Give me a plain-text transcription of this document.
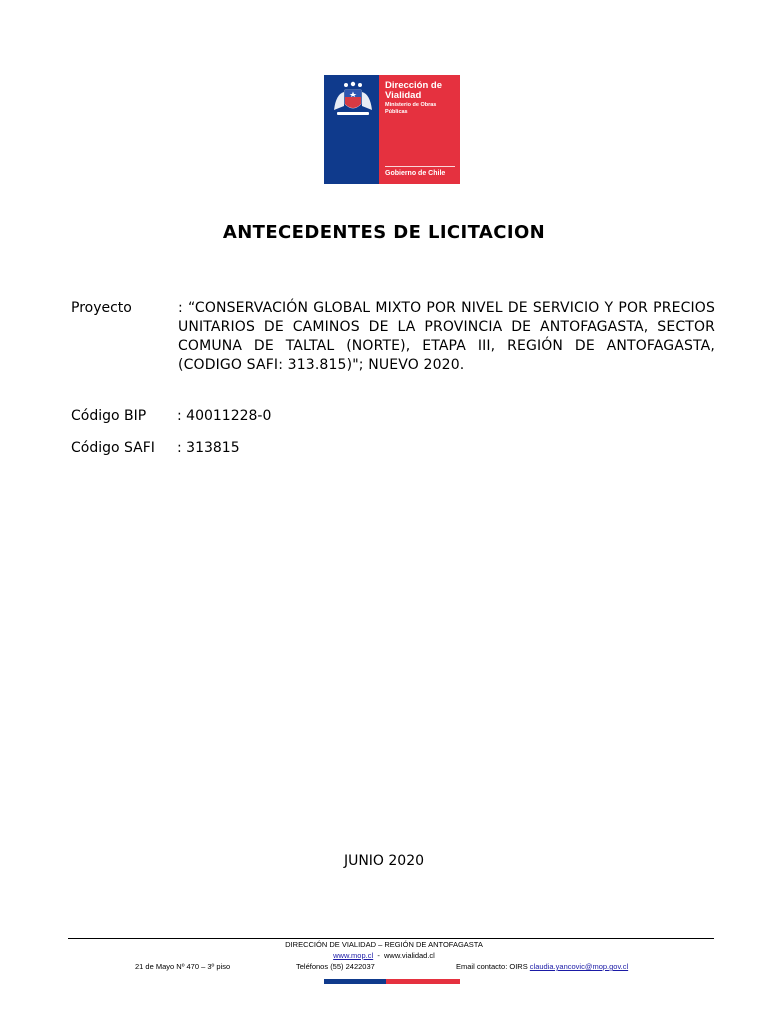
Dirección de
Vialidad
Ministerio de Obras
Públicas
Gobierno de Chile
ANTECEDENTES DE LICITACION
Proyecto	: “CONSERVACIÓN GLOBAL MIXTO POR NIVEL DE SERVICIO Y POR PRECIOS UNITARIOS DE CAMINOS DE LA PROVINCIA DE ANTOFAGASTA, SECTOR COMUNA DE TALTAL (NORTE), ETAPA III, REGIÓN DE ANTOFAGASTA, (CODIGO SAFI: 313.815)"; NUEVO 2020.
Código BIP : 40011228-0
Código SAFI : 313815
JUNIO 2020
DIRECCIÓN DE VIALIDAD – REGIÓN DE ANTOFAGASTA
www.mop.cl - www.vialidad.cl
21 de Mayo Nº 470 – 3º piso	Teléfonos (55) 2422037	Email contacto: OIRS claudia.yancovic@mop.gov.cl
